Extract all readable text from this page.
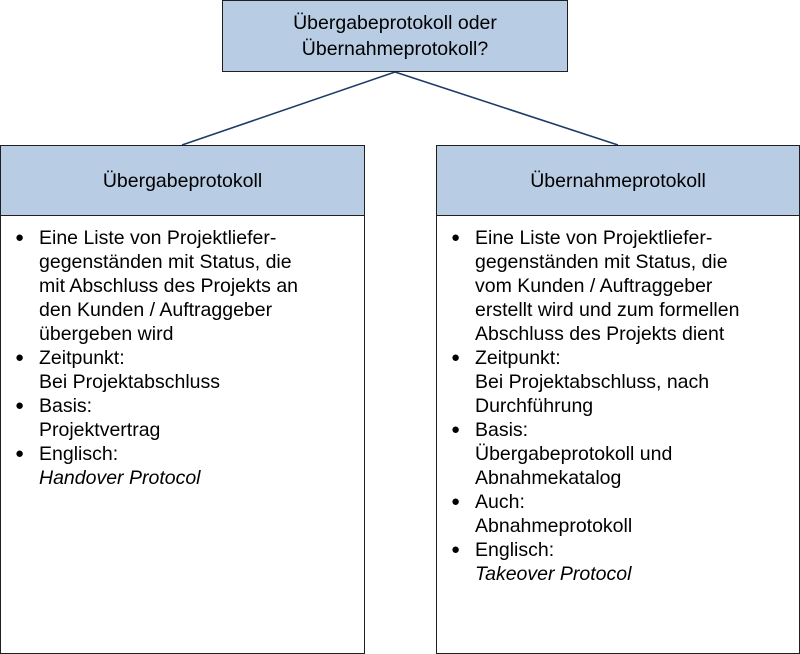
Übergabeprotokoll oder
Übernahmeprotokoll?
Übergabeprotokoll
● Eine Liste von Projektliefer-
gegenständen mit Status, die
mit Abschluss des Projekts an
den Kunden / Auftraggeber
übergeben wird
● Zeitpunkt:
Bei Projektabschluss
● Basis:
Projektvertrag
● Englisch:
Handover Protocol
Übernahmeprotokoll
● Eine Liste von Projektliefer-
gegenständen mit Status, die
vom Kunden / Auftraggeber
erstellt wird und zum formellen
Abschluss des Projekts dient
● Zeitpunkt:
Bei Projektabschluss, nach
Durchführung
● Basis:
Übergabeprotokoll und
Abnahmekatalog
● Auch:
Abnahmeprotokoll
● Englisch:
Takeover Protocol
